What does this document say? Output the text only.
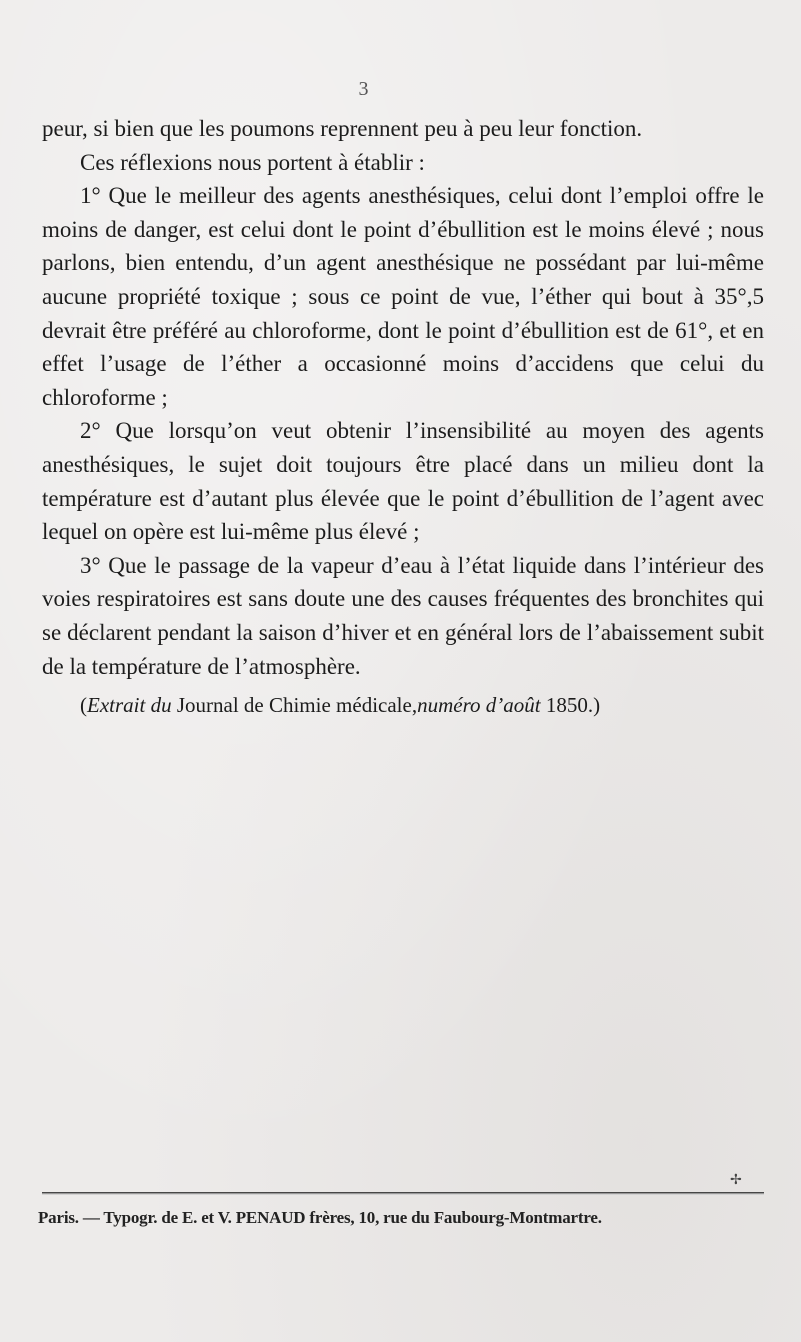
3

peur, si bien que les poumons reprennent peu à peu leur fonction.

Ces réflexions nous portent à établir :

1° Que le meilleur des agents anesthésiques, celui dont l’emploi offre le moins de danger, est celui dont le point d’ébullition est le moins élevé ; nous parlons, bien entendu, d’un agent anesthésique ne possédant par lui-même aucune propriété toxique ; sous ce point de vue, l’éther qui bout à 35°,5 devrait être préféré au chloroforme, dont le point d’ébullition est de 61°, et en effet l’usage de l’éther a occasionné moins d’accidens que celui du chloroforme ;

2° Que lorsqu’on veut obtenir l’insensibilité au moyen des agents anesthésiques, le sujet doit toujours être placé dans un milieu dont la température est d’autant plus élevée que le point d’ébullition de l’agent avec lequel on opère est lui-même plus élevé ;

3° Que le passage de la vapeur d’eau à l’état liquide dans l’intérieur des voies respiratoires est sans doute une des causes fréquentes des bronchites qui se déclarent pendant la saison d’hiver et en général lors de l’abaissement subit de la température de l’atmosphère.

(Extrait du Journal de Chimie médicale,numéro d’août 1850.)

✢
Paris. — Typogr. de E. et V. PENAUD frères, 10, rue du Faubourg-Montmartre.
